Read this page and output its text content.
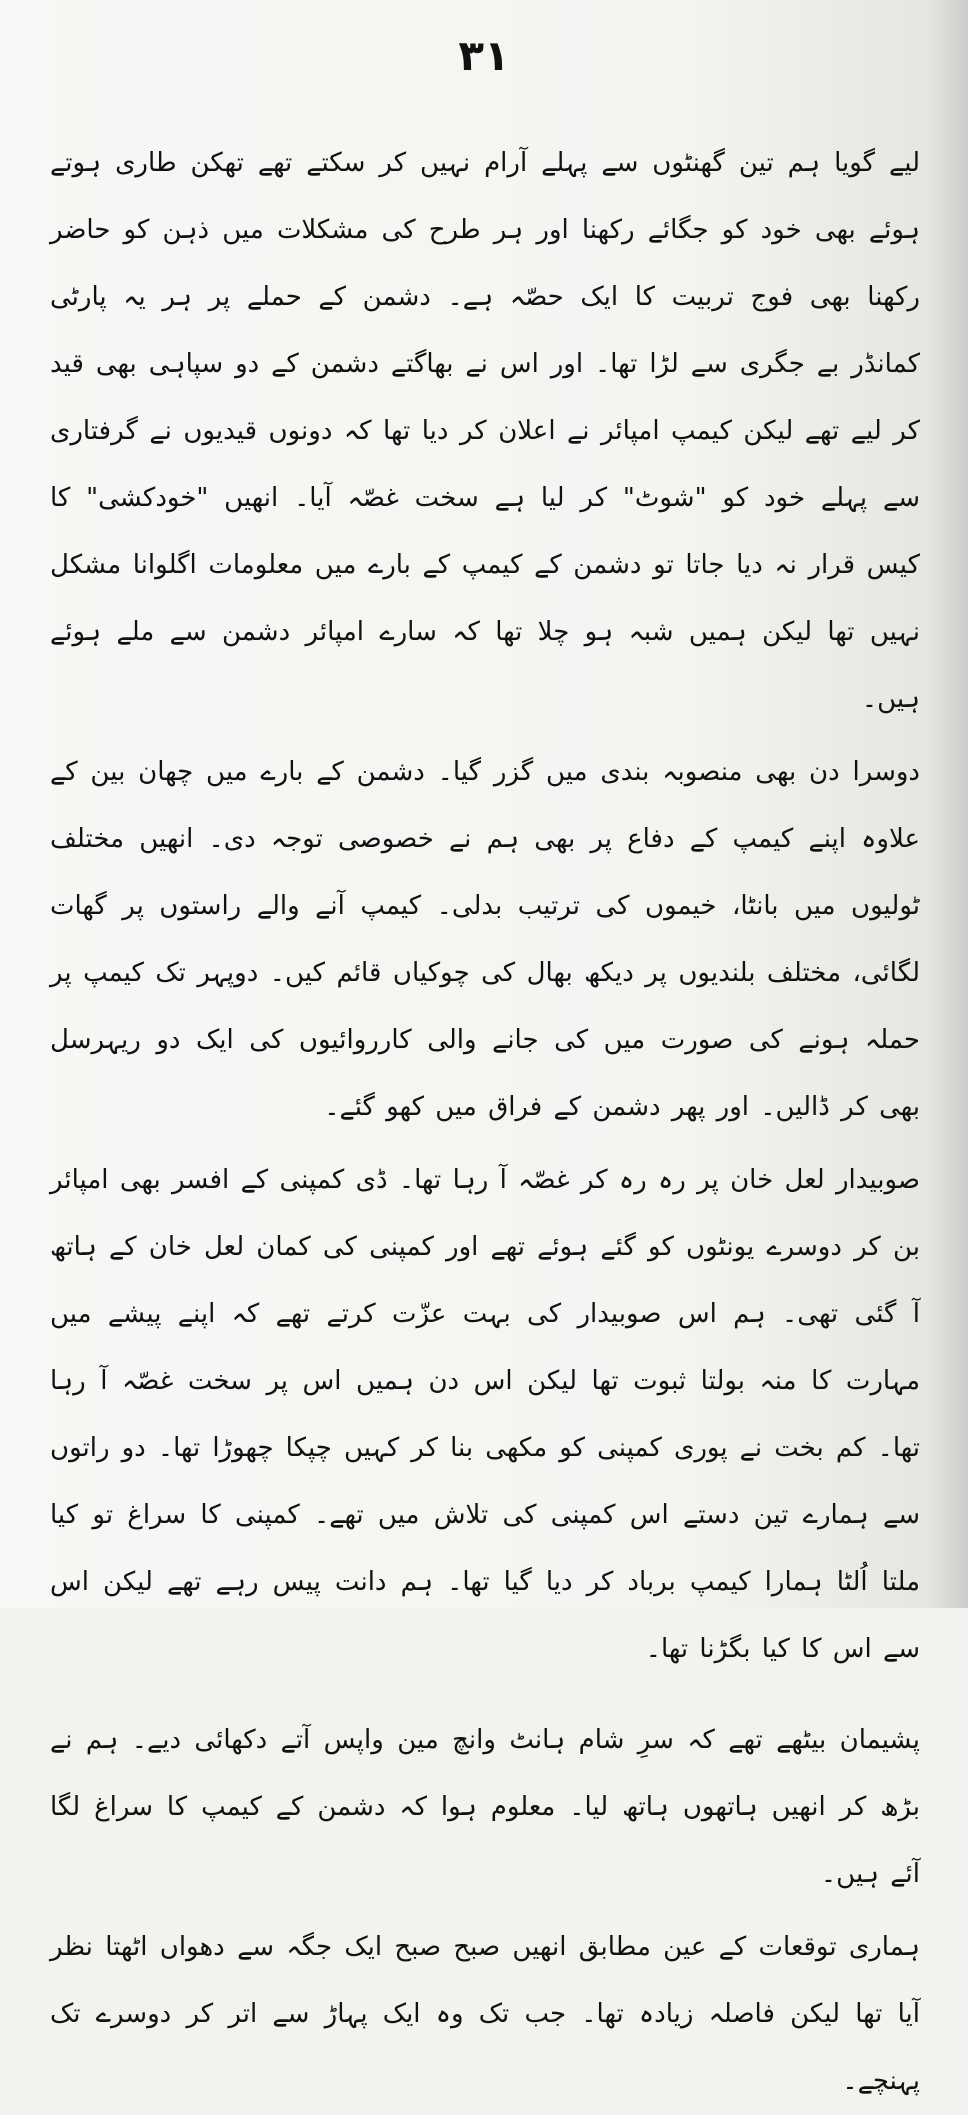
۳۱

لیے گویا ہم تین گھنٹوں سے پہلے آرام نہیں کر سکتے تھے تھکن طاری ہوتے ہوئے بھی خود کو جگائے رکھنا اور ہر طرح کی مشکلات میں ذہن کو حاضر رکھنا بھی فوج تربیت کا ایک حصّہ ہے۔ دشمن کے حملے پر ہر یہ پارٹی کمانڈر بے جگری سے لڑا تھا۔ اور اس نے بھاگتے دشمن کے دو سپاہی بھی قید کر لیے تھے لیکن کیمپ امپائر نے اعلان کر دیا تھا کہ دونوں قیدیوں نے گرفتاری سے پہلے خود کو "شوٹ" کر لیا ہے سخت غصّہ آیا۔ انھیں "خودکشی" کا کیس قرار نہ دیا جاتا تو دشمن کے کیمپ کے بارے میں معلومات اگلوانا مشکل نہیں تھا لیکن ہمیں شبہ ہو چلا تھا کہ سارے امپائر دشمن سے ملے ہوئے ہیں۔

دوسرا دن بھی منصوبہ بندی میں گزر گیا۔ دشمن کے بارے میں چھان بین کے علاوہ اپنے کیمپ کے دفاع پر بھی ہم نے خصوصی توجہ دی۔ انھیں مختلف ٹولیوں میں بانٹا، خیموں کی ترتیب بدلی۔ کیمپ آنے والے راستوں پر گھات لگائی، مختلف بلندیوں پر دیکھ بھال کی چوکیاں قائم کیں۔ دوپہر تک کیمپ پر حملہ ہونے کی صورت میں کی جانے والی کارروائیوں کی ایک دو ریہرسل بھی کر ڈالیں۔ اور پھر دشمن کے فراق میں کھو گئے۔

صوبیدار لعل خان پر رہ رہ کر غصّہ آ رہا تھا۔ ڈی کمپنی کے افسر بھی امپائر بن کر دوسرے یونٹوں کو گئے ہوئے تھے اور کمپنی کی کمان لعل خان کے ہاتھ آ گئی تھی۔ ہم اس صوبیدار کی بہت عزّت کرتے تھے کہ اپنے پیشے میں مہارت کا منہ بولتا ثبوت تھا لیکن اس دن ہمیں اس پر سخت غصّہ آ رہا تھا۔ کم بخت نے پوری کمپنی کو مکھی بنا کر کہیں چپکا چھوڑا تھا۔ دو راتوں سے ہمارے تین دستے اس کمپنی کی تلاش میں تھے۔ کمپنی کا سراغ تو کیا ملتا اُلٹا ہمارا کیمپ برباد کر دیا گیا تھا۔ ہم دانت پیس رہے تھے لیکن اس سے اس کا کیا بگڑنا تھا۔

پشیمان بیٹھے تھے کہ سرِ شام ہانٹ وانچ مین واپس آتے دکھائی دیے۔ ہم نے بڑھ کر انھیں ہاتھوں ہاتھ لیا۔ معلوم ہوا کہ دشمن کے کیمپ کا سراغ لگا آئے ہیں۔

ہماری توقعات کے عین مطابق انھیں صبح صبح ایک جگہ سے دھواں اٹھتا نظر آیا تھا لیکن فاصلہ زیادہ تھا۔ جب تک وہ ایک پہاڑ سے اتر کر دوسرے تک پہنچے۔
